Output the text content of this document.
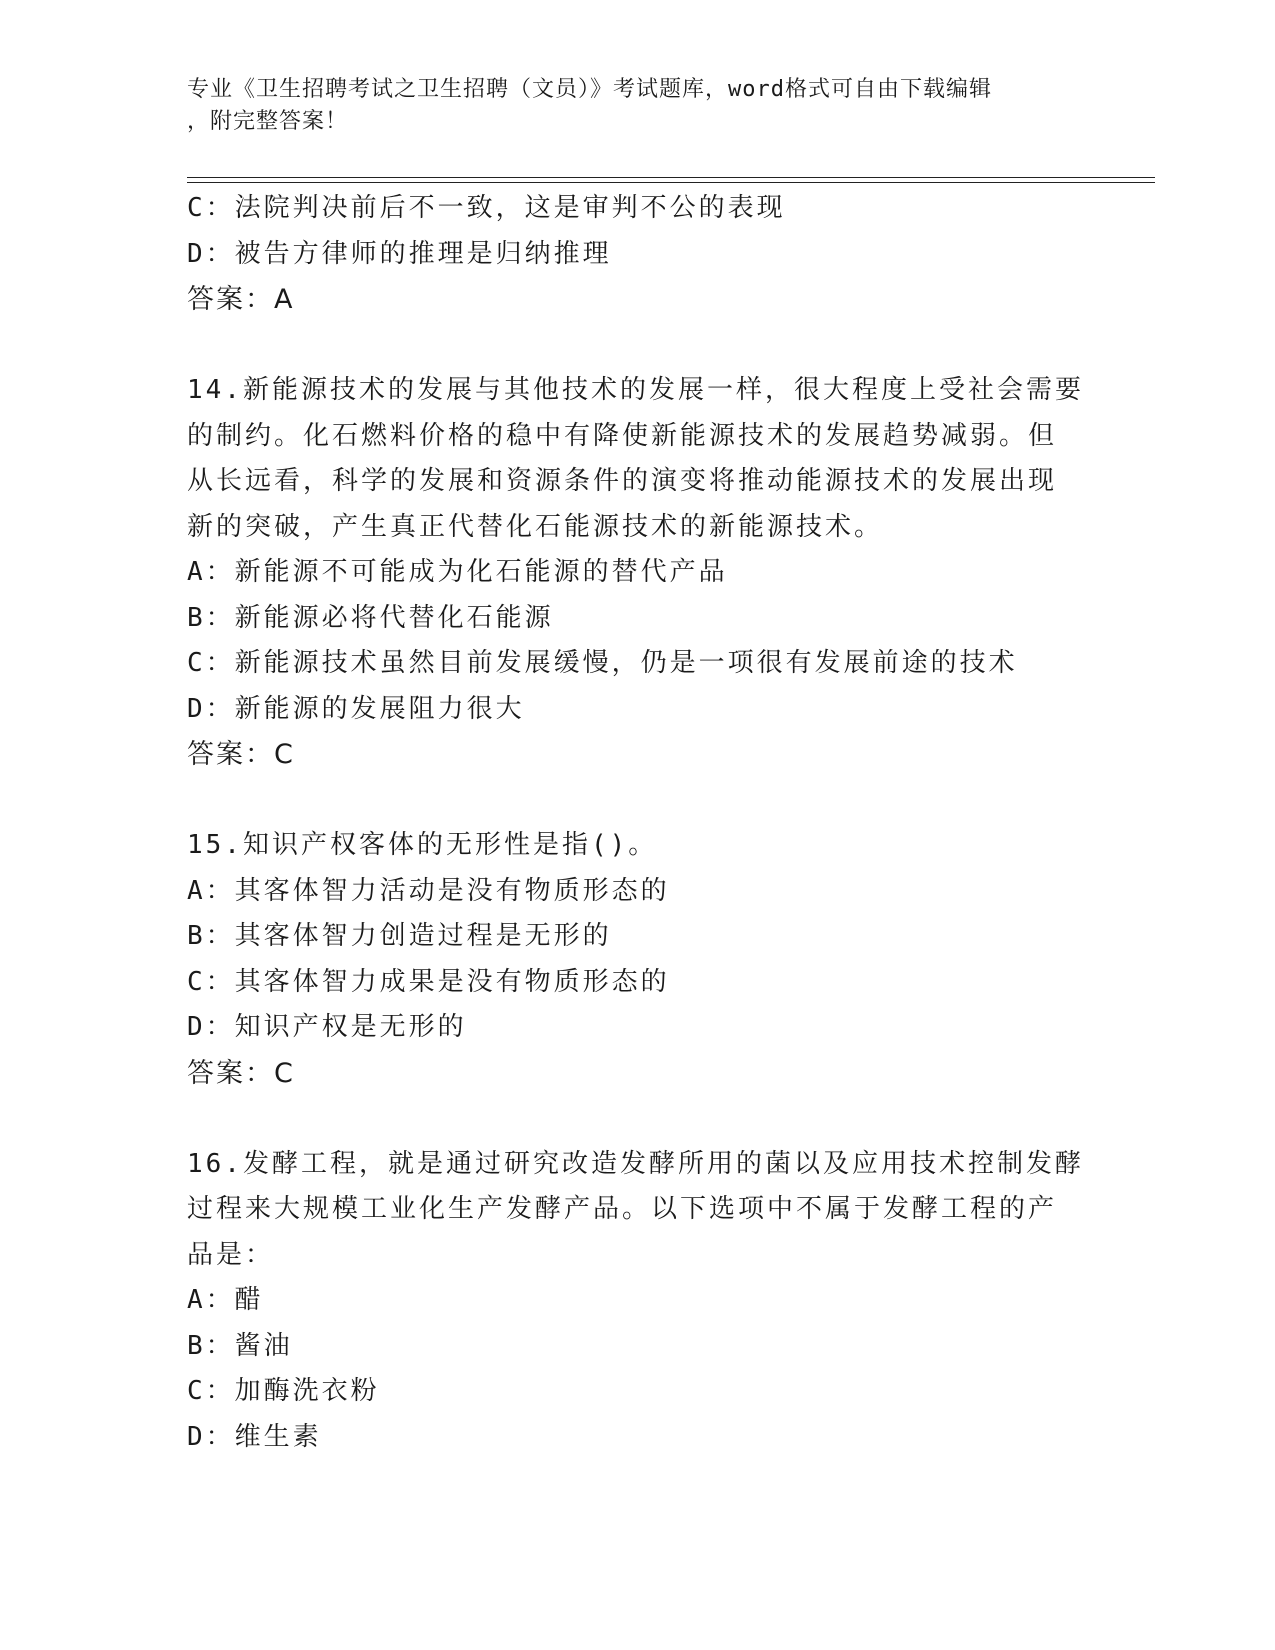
专业《卫生招聘考试之卫生招聘（文员）》考试题库，word格式可自由下载编辑
，附完整答案！
C：法院判决前后不一致，这是审判不公的表现
D：被告方律师的推理是归纳推理
答案：A
14.新能源技术的发展与其他技术的发展一样，很大程度上受社会需要
的制约。化石燃料价格的稳中有降使新能源技术的发展趋势减弱。但
从长远看，科学的发展和资源条件的演变将推动能源技术的发展出现
新的突破，产生真正代替化石能源技术的新能源技术。
A：新能源不可能成为化石能源的替代产品
B：新能源必将代替化石能源
C：新能源技术虽然目前发展缓慢，仍是一项很有发展前途的技术
D：新能源的发展阻力很大
答案：C
15.知识产权客体的无形性是指()。
A：其客体智力活动是没有物质形态的
B：其客体智力创造过程是无形的
C：其客体智力成果是没有物质形态的
D：知识产权是无形的
答案：C
16.发酵工程，就是通过研究改造发酵所用的菌以及应用技术控制发酵
过程来大规模工业化生产发酵产品。以下选项中不属于发酵工程的产
品是：
A：醋
B：酱油
C：加酶洗衣粉
D：维生素
